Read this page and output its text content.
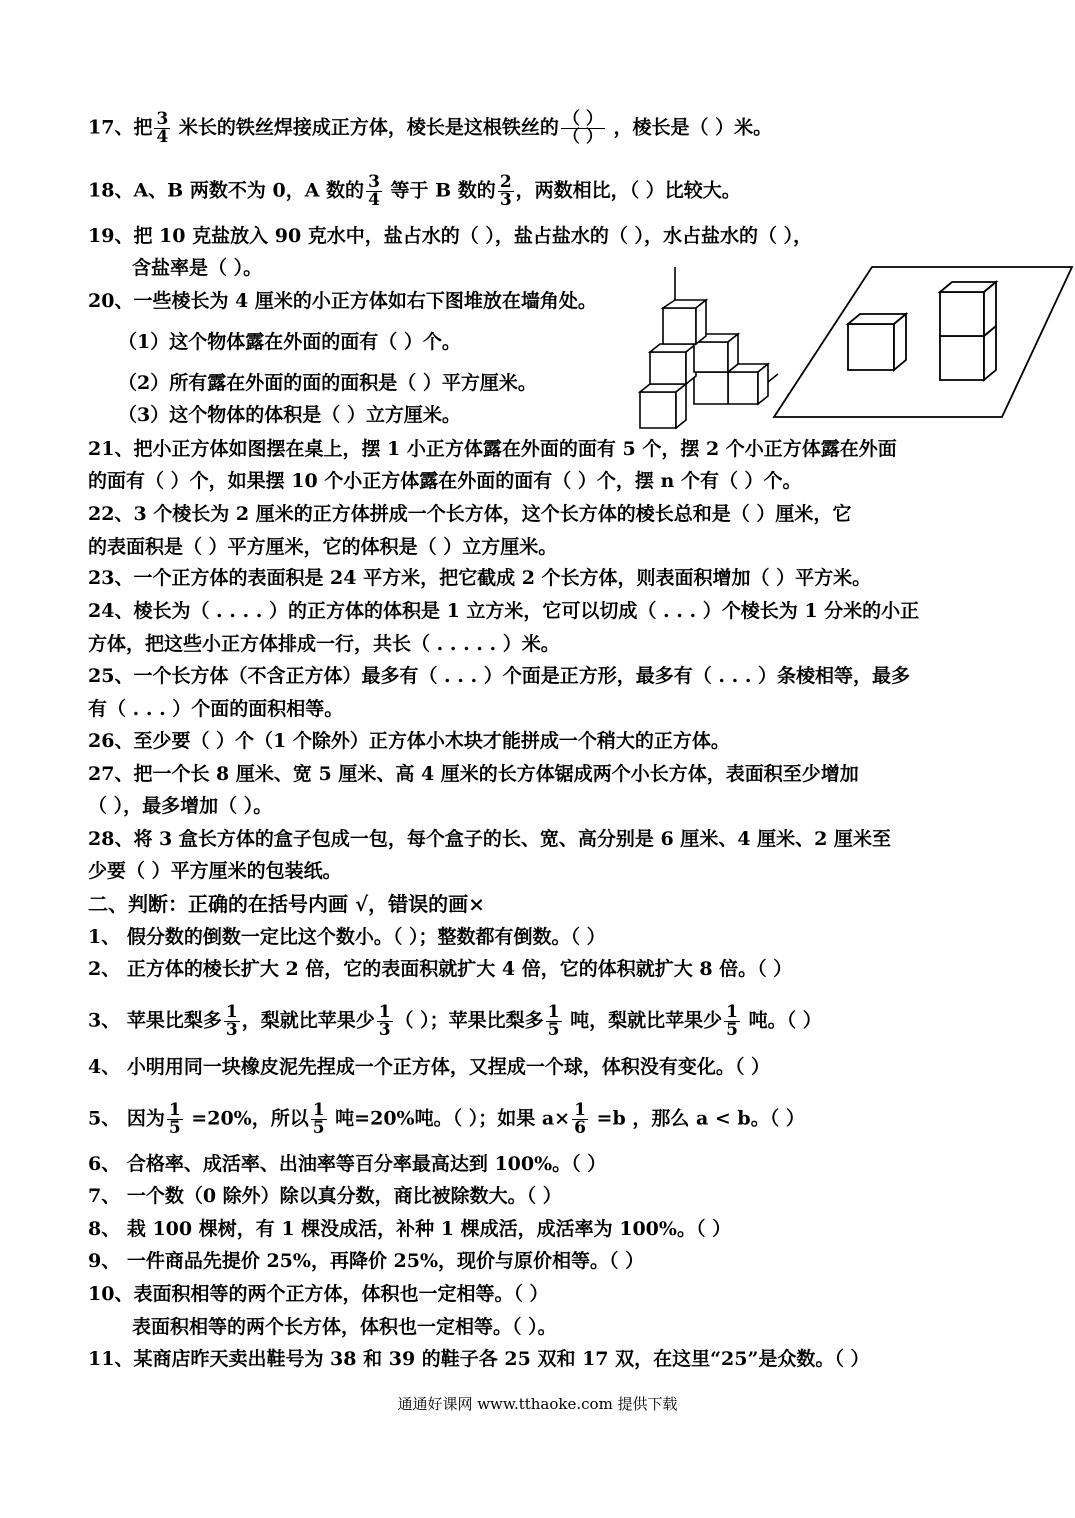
17、把 $\frac{3}{4}$ 米长的铁丝焊接成正方体，棱长是这根铁丝的 $\frac{( )}{( )}$ ，棱长是（ ）米。
18、A、B 两数不为 0，A 数的 $\frac{3}{4}$ 等于 B 数的 $\frac{2}{3}$ ，两数相比，（ ）比较大。
19、把 10 克盐放入 90 克水中，盐占水的（ ），盐占盐水的（ ），水占盐水的（ ），
含盐率是（ ）。
20、一些棱长为 4 厘米的小正方体如右下图堆放在墙角处。
（1）这个物体露在外面的面有（ ）个。
（2）所有露在外面的面的面积是（ ）平方厘米。
（3）这个物体的体积是（ ）立方厘米。
21、把小正方体如图摆在桌上，摆 1 小正方体露在外面的面有 5 个，摆 2 个小正方体露在外面
的面有（ ）个，如果摆 10 个小正方体露在外面的面有（ ）个，摆 n 个有（ ）个。
22、3 个棱长为 2 厘米的正方体拼成一个长方体，这个长方体的棱长总和是（ ）厘米，它
的表面积是（ ）平方厘米，它的体积是（ ）立方厘米。
23、一个正方体的表面积是 24 平方米，把它截成 2 个长方体，则表面积增加（ ）平方米。
24、棱长为（ . . . . ）的正方体的体积是 1 立方米，它可以切成（ . . . ）个棱长为 1 分米的小正
方体，把这些小正方体排成一行，共长（ . . . . . ）米。
25、一个长方体（不含正方体）最多有（ . . . ）个面是正方形，最多有（ . . . ）条棱相等，最多
有（ . . . ）个面的面积相等。
26、至少要（ ）个（1 个除外）正方体小木块才能拼成一个稍大的正方体。
27、把一个长 8 厘米、宽 5 厘米、高 4 厘米的长方体锯成两个小长方体，表面积至少增加
（ ），最多增加（ ）。
28、将 3 盒长方体的盒子包成一包，每个盒子的长、宽、高分别是 6 厘米、4 厘米、2 厘米至
少要（ ）平方厘米的包装纸。
二、判断：正确的在括号内画 √，错误的画×
1、 假分数的倒数一定比这个数小。（ ）；整数都有倒数。（ ）
2、 正方体的棱长扩大 2 倍，它的表面积就扩大 4 倍，它的体积就扩大 8 倍。（ ）
3、 苹果比梨多 $\frac{1}{3}$ ，梨就比苹果少 $\frac{1}{3}$ （ ）；苹果比梨多 $\frac{1}{5}$ 吨，梨就比苹果少 $\frac{1}{5}$ 吨。（ ）
4、 小明用同一块橡皮泥先捏成一个正方体，又捏成一个球，体积没有变化。（ ）
5、 因为 $\frac{1}{5} =20\%$，所以 $\frac{1}{5}$ 吨=20%吨。（ ）；如果 $a\times \frac{1}{6} =b$ ，那么 a < b。（ ）
6、 合格率、成活率、出油率等百分率最高达到 100%。（ ）
7、 一个数（0 除外）除以真分数，商比被除数大。（ ）
8、 栽 100 棵树，有 1 棵没成活，补种 1 棵成活，成活率为 100%。（ ）
9、 一件商品先提价 25%，再降价 25%，现价与原价相等。（ ）
10、表面积相等的两个正方体，体积也一定相等。（ ）
表面积相等的两个长方体，体积也一定相等。（ ）。
11、某商店昨天卖出鞋号为 38 和 39 的鞋子各 25 双和 17 双，在这里“25”是众数。（ ）
通通好课网 www.tthaoke.com 提供下载
